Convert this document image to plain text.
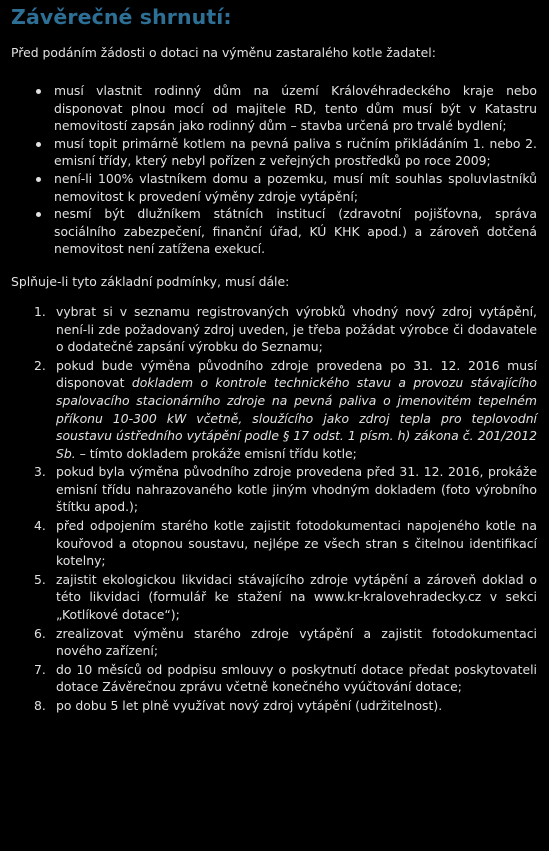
Závěrečné shrnutí:

Před podáním žádosti o dotaci na výměnu zastaralého kotle žadatel:

musí vlastnit rodinný dům na území Královéhradeckého kraje nebo disponovat plnou mocí od majitele RD, tento dům musí být v Katastru nemovitostí zapsán jako rodinný dům – stavba určená pro trvalé bydlení;
musí topit primárně kotlem na pevná paliva s ručním přikládáním 1. nebo 2. emisní třídy, který nebyl pořízen z veřejných prostředků po roce 2009;
není-li 100% vlastníkem domu a pozemku, musí mít souhlas spoluvlastníků nemovitost k provedení výměny zdroje vytápění;
nesmí být dlužníkem státních institucí (zdravotní pojišťovna, správa sociálního zabezpečení, finanční úřad, KÚ KHK apod.) a zároveň dotčená nemovitost není zatížena exekucí.

Splňuje-li tyto základní podmínky, musí dále:

1. vybrat si v seznamu registrovaných výrobků vhodný nový zdroj vytápění, není-li zde požadovaný zdroj uveden, je třeba požádat výrobce či dodavatele o dodatečné zapsání výrobku do Seznamu;
2. pokud bude výměna původního zdroje provedena po 31. 12. 2016 musí disponovat dokladem o kontrole technického stavu a provozu stávajícího spalovacího stacionárního zdroje na pevná paliva o jmenovitém tepelném příkonu 10-300 kW včetně, sloužícího jako zdroj tepla pro teplovodní soustavu ústředního vytápění podle § 17 odst. 1 písm. h) zákona č. 201/2012 Sb. – tímto dokladem prokáže emisní třídu kotle;
3. pokud byla výměna původního zdroje provedena před 31. 12. 2016, prokáže emisní třídu nahrazovaného kotle jiným vhodným dokladem (foto výrobního štítku apod.);
4. před odpojením starého kotle zajistit fotodokumentaci napojeného kotle na kouřovod a otopnou soustavu, nejlépe ze všech stran s čitelnou identifikací kotelny;
5. zajistit ekologickou likvidaci stávajícího zdroje vytápění a zároveň doklad o této likvidaci (formulář ke stažení na www.kr-kralovehradecky.cz v sekci „Kotlíkové dotace“);
6. zrealizovat výměnu starého zdroje vytápění a zajistit fotodokumentaci nového zařízení;
7. do 10 měsíců od podpisu smlouvy o poskytnutí dotace předat poskytovateli dotace Závěrečnou zprávu včetně konečného vyúčtování dotace;
8. po dobu 5 let plně využívat nový zdroj vytápění (udržitelnost).
